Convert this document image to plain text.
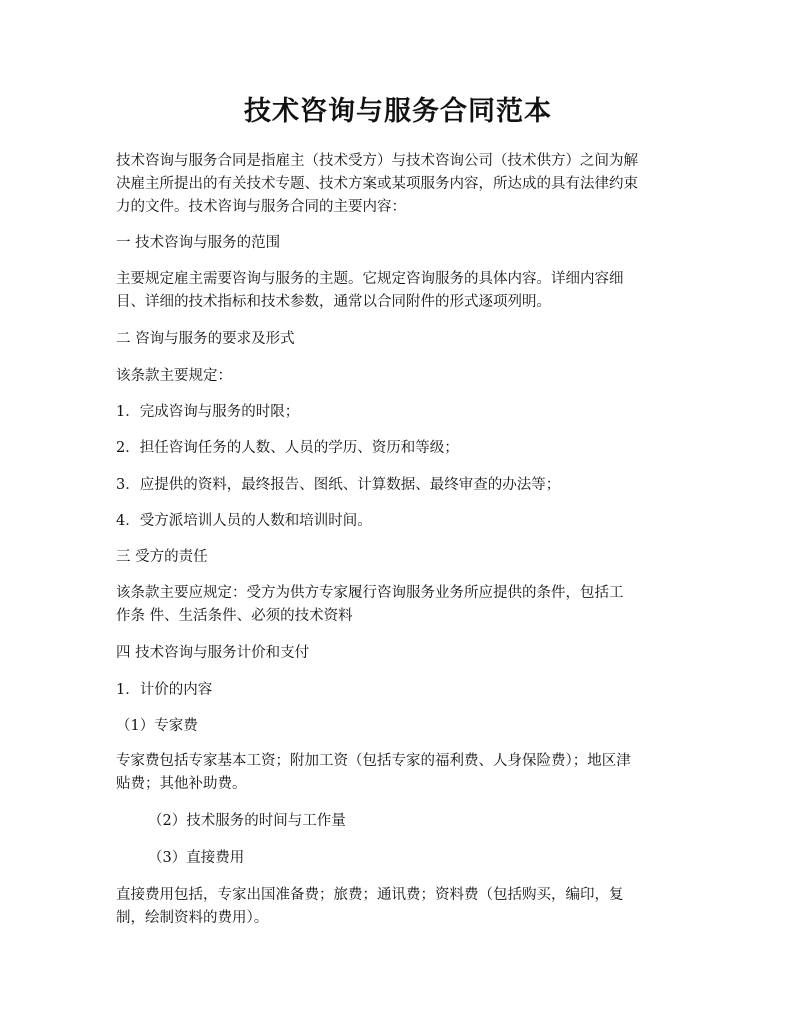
技术咨询与服务合同范本
技术咨询与服务合同是指雇主（技术受方）与技术咨询公司（技术供方）之间为解
决雇主所提出的有关技术专题、技术方案或某项服务内容，所达成的具有法律约束
力的文件。技术咨询与服务合同的主要内容：
一 技术咨询与服务的范围
主要规定雇主需要咨询与服务的主题。它规定咨询服务的具体内容。详细内容细
目、详细的技术指标和技术参数，通常以合同附件的形式逐项列明。
二 咨询与服务的要求及形式
该条款主要规定：
1．完成咨询与服务的时限；
2．担任咨询任务的人数、人员的学历、资历和等级；
3．应提供的资料，最终报告、图纸、计算数据、最终审查的办法等；
4．受方派培训人员的人数和培训时间。
三 受方的责任
该条款主要应规定：受方为供方专家履行咨询服务业务所应提供的条件，包括工
作条 件、生活条件、必须的技术资料
四 技术咨询与服务计价和支付
1．计价的内容
（1）专家费
专家费包括专家基本工资；附加工资（包括专家的福利费、人身保险费）；地区津
贴费；其他补助费。
（2）技术服务的时间与工作量
（3）直接费用
直接费用包括，专家出国准备费；旅费；通讯费；资料费（包括购买，编印，复
制，绘制资料的费用）。
